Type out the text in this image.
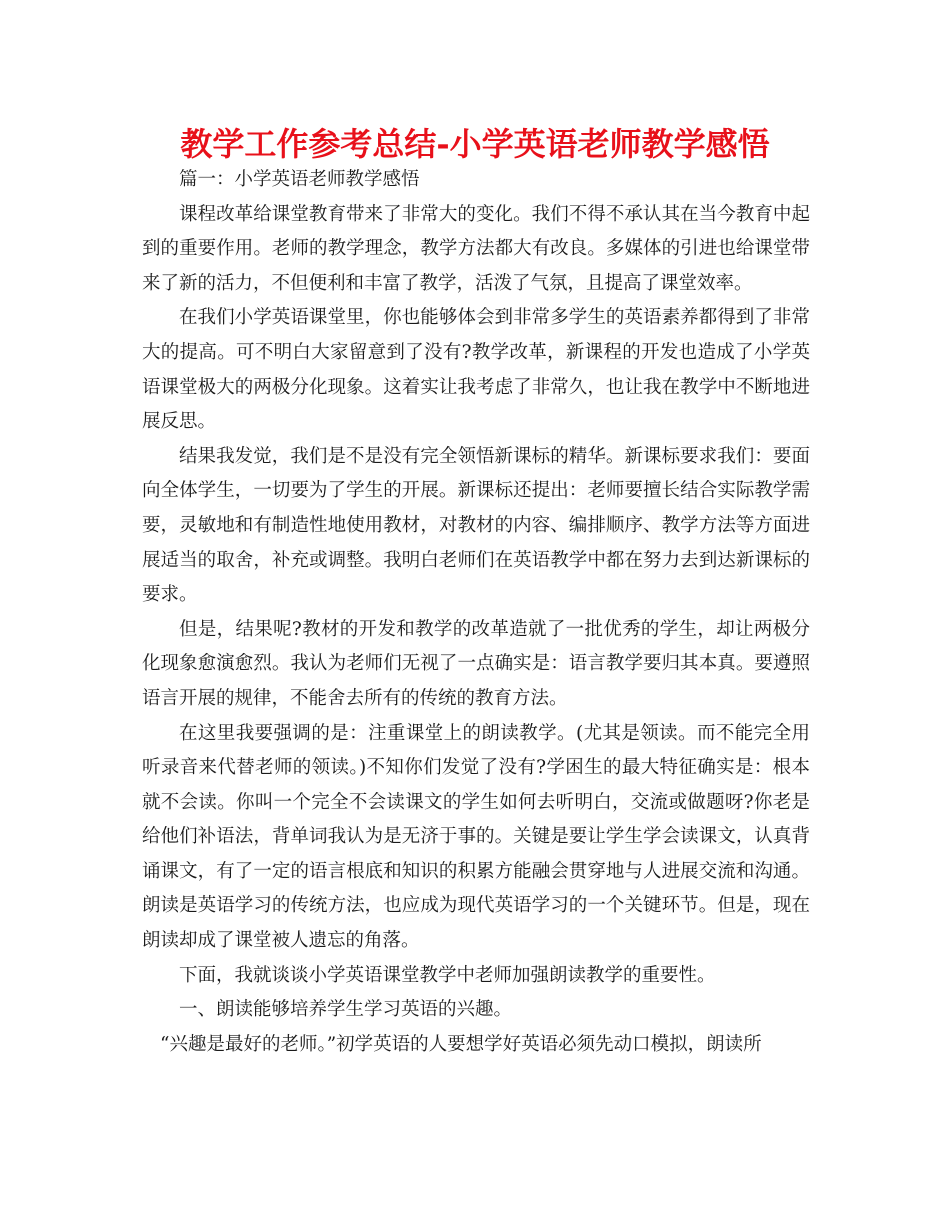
教学工作参考总结-小学英语老师教学感悟

篇一：小学英语老师教学感悟

课程改革给课堂教育带来了非常大的变化。我们不得不承认其在当今教育中起到的重要作用。老师的教学理念，教学方法都大有改良。多媒体的引进也给课堂带来了新的活力，不但便利和丰富了教学，活泼了气氛，且提高了课堂效率。

在我们小学英语课堂里，你也能够体会到非常多学生的英语素养都得到了非常大的提高。可不明白大家留意到了没有?教学改革，新课程的开发也造成了小学英语课堂极大的两极分化现象。这着实让我考虑了非常久，也让我在教学中不断地进展反思。

结果我发觉，我们是不是没有完全领悟新课标的精华。新课标要求我们：要面向全体学生，一切要为了学生的开展。新课标还提出：老师要擅长结合实际教学需要，灵敏地和有制造性地使用教材，对教材的内容、编排顺序、教学方法等方面进展适当的取舍，补充或调整。我明白老师们在英语教学中都在努力去到达新课标的要求。

但是，结果呢?教材的开发和教学的改革造就了一批优秀的学生，却让两极分化现象愈演愈烈。我认为老师们无视了一点确实是：语言教学要归其本真。要遵照语言开展的规律，不能舍去所有的传统的教育方法。

在这里我要强调的是：注重课堂上的朗读教学。(尤其是领读。而不能完全用听录音来代替老师的领读。)不知你们发觉了没有?学困生的最大特征确实是：根本就不会读。你叫一个完全不会读课文的学生如何去听明白，交流或做题呀?你老是给他们补语法，背单词我认为是无济于事的。关键是要让学生学会读课文，认真背诵课文，有了一定的语言根底和知识的积累方能融会贯穿地与人进展交流和沟通。朗读是英语学习的传统方法，也应成为现代英语学习的一个关键环节。但是，现在朗读却成了课堂被人遗忘的角落。

下面，我就谈谈小学英语课堂教学中老师加强朗读教学的重要性。

一、朗读能够培养学生学习英语的兴趣。

“兴趣是最好的老师。”初学英语的人要想学好英语必须先动口模拟，朗读所
